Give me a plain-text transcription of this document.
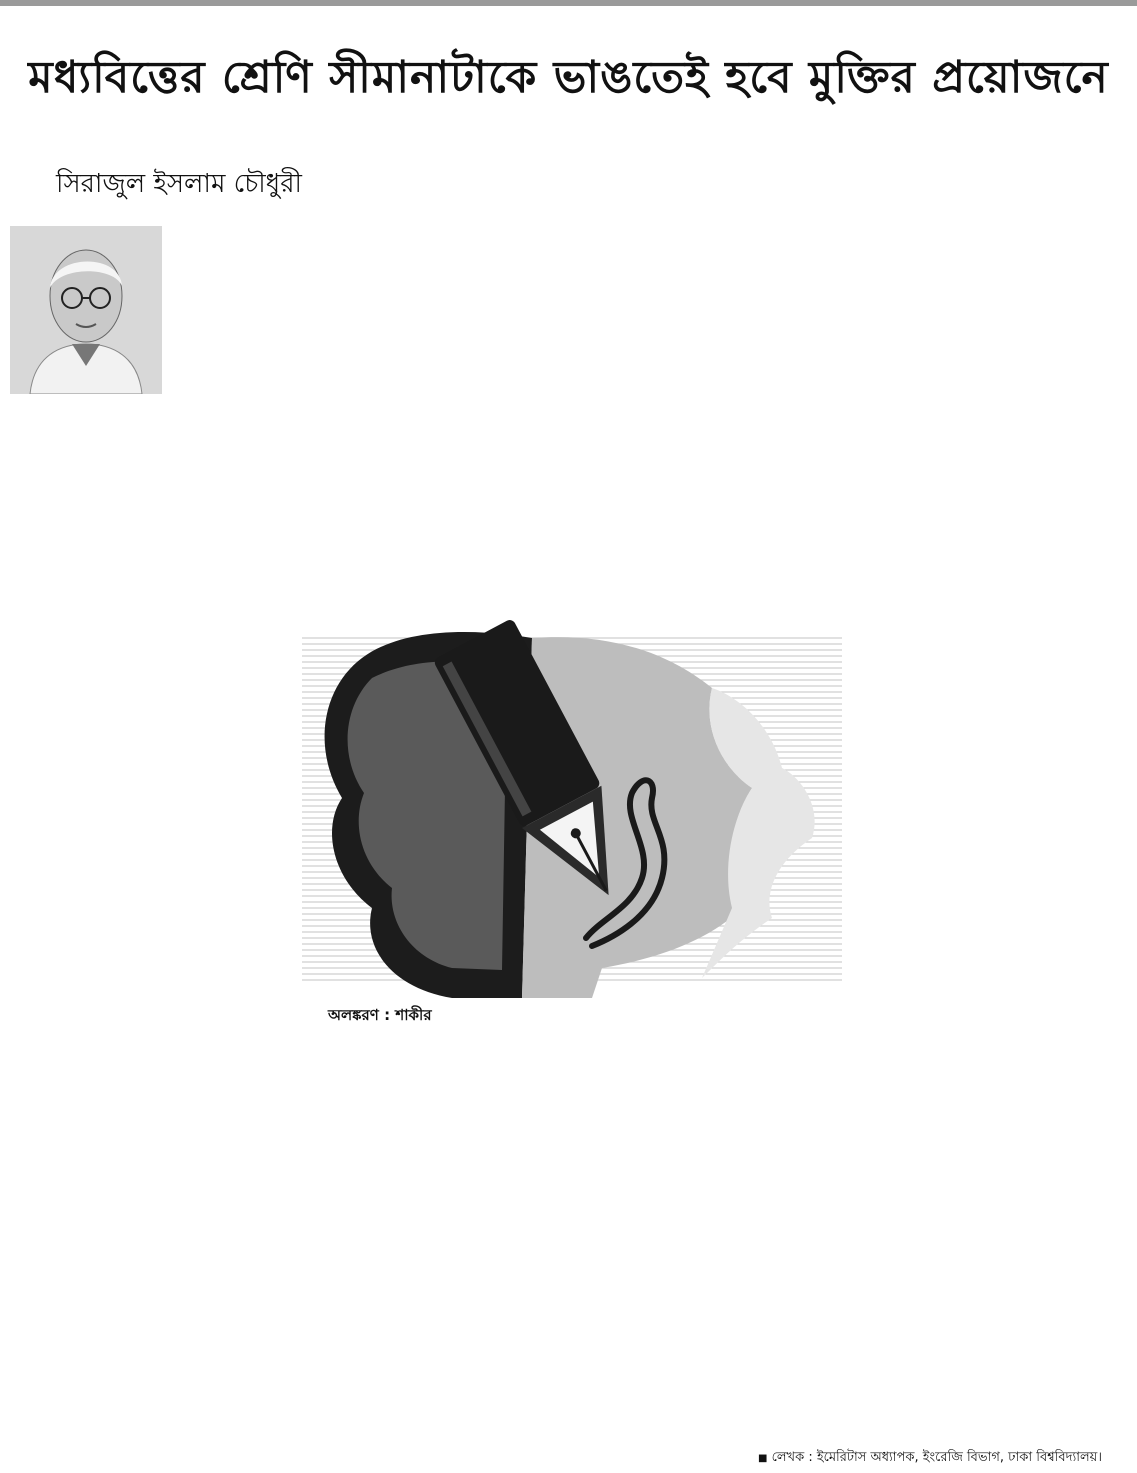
মধ্যবিত্তের শ্রেণি সীমানাটাকে ভাঙতেই হবে মুক্তির প্রয়োজনে
সিরাজুল ইসলাম চৌধুরী
অলঙ্করণ : শাকীর
■ লেখক : ইমেরিটাস অধ্যাপক, ইংরেজি বিভাগ, ঢাকা বিশ্ববিদ্যালয়।
